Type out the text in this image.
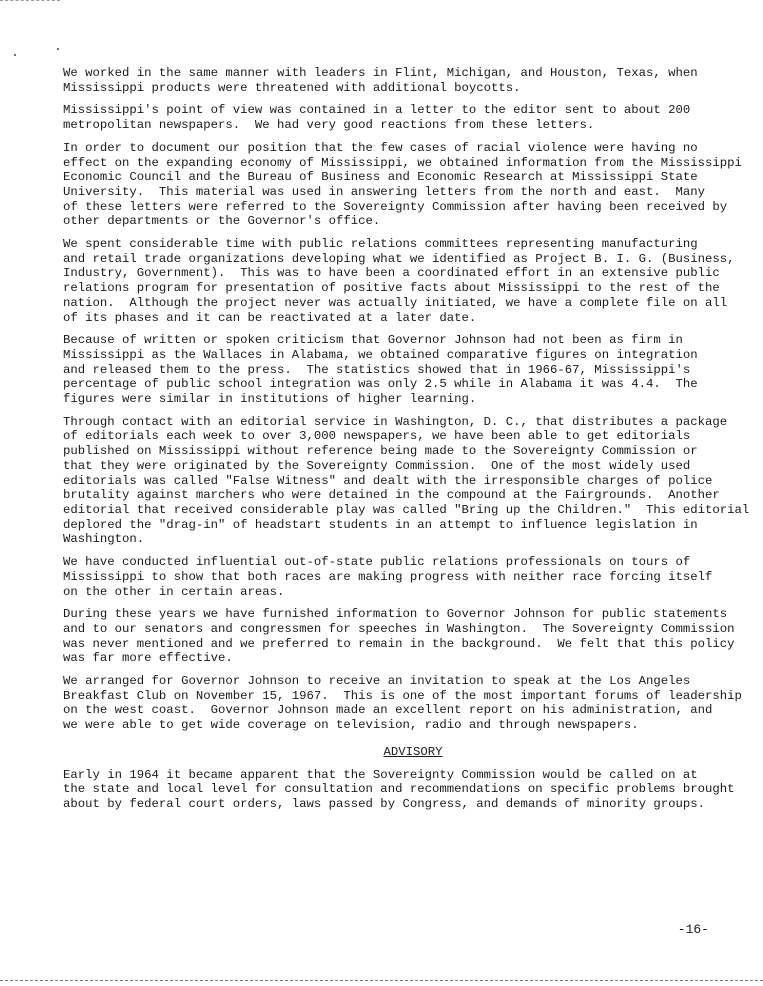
We worked in the same manner with leaders in Flint, Michigan, and Houston, Texas, when
Mississippi products were threatened with additional boycotts.

Mississippi's point of view was contained in a letter to the editor sent to about 200
metropolitan newspapers.  We had very good reactions from these letters.

In order to document our position that the few cases of racial violence were having no
effect on the expanding economy of Mississippi, we obtained information from the Mississippi
Economic Council and the Bureau of Business and Economic Research at Mississippi State
University.  This material was used in answering letters from the north and east.  Many
of these letters were referred to the Sovereignty Commission after having been received by
other departments or the Governor's office.

We spent considerable time with public relations committees representing manufacturing
and retail trade organizations developing what we identified as Project B. I. G. (Business,
Industry, Government).  This was to have been a coordinated effort in an extensive public
relations program for presentation of positive facts about Mississippi to the rest of the
nation.  Although the project never was actually initiated, we have a complete file on all
of its phases and it can be reactivated at a later date.

Because of written or spoken criticism that Governor Johnson had not been as firm in
Mississippi as the Wallaces in Alabama, we obtained comparative figures on integration
and released them to the press.  The statistics showed that in 1966-67, Mississippi's
percentage of public school integration was only 2.5 while in Alabama it was 4.4.  The
figures were similar in institutions of higher learning.

Through contact with an editorial service in Washington, D. C., that distributes a package
of editorials each week to over 3,000 newspapers, we have been able to get editorials
published on Mississippi without reference being made to the Sovereignty Commission or
that they were originated by the Sovereignty Commission.  One of the most widely used
editorials was called "False Witness" and dealt with the irresponsible charges of police
brutality against marchers who were detained in the compound at the Fairgrounds.  Another
editorial that received considerable play was called "Bring up the Children."  This editorial
deplored the "drag-in" of headstart students in an attempt to influence legislation in
Washington.

We have conducted influential out-of-state public relations professionals on tours of
Mississippi to show that both races are making progress with neither race forcing itself
on the other in certain areas.

During these years we have furnished information to Governor Johnson for public statements
and to our senators and congressmen for speeches in Washington.  The Sovereignty Commission
was never mentioned and we preferred to remain in the background.  We felt that this policy
was far more effective.

We arranged for Governor Johnson to receive an invitation to speak at the Los Angeles
Breakfast Club on November 15, 1967.  This is one of the most important forums of leadership
on the west coast.  Governor Johnson made an excellent report on his administration, and
we were able to get wide coverage on television, radio and through newspapers.

ADVISORY

Early in 1964 it became apparent that the Sovereignty Commission would be called on at
the state and local level for consultation and recommendations on specific problems brought
about by federal court orders, laws passed by Congress, and demands of minority groups.

-16-
